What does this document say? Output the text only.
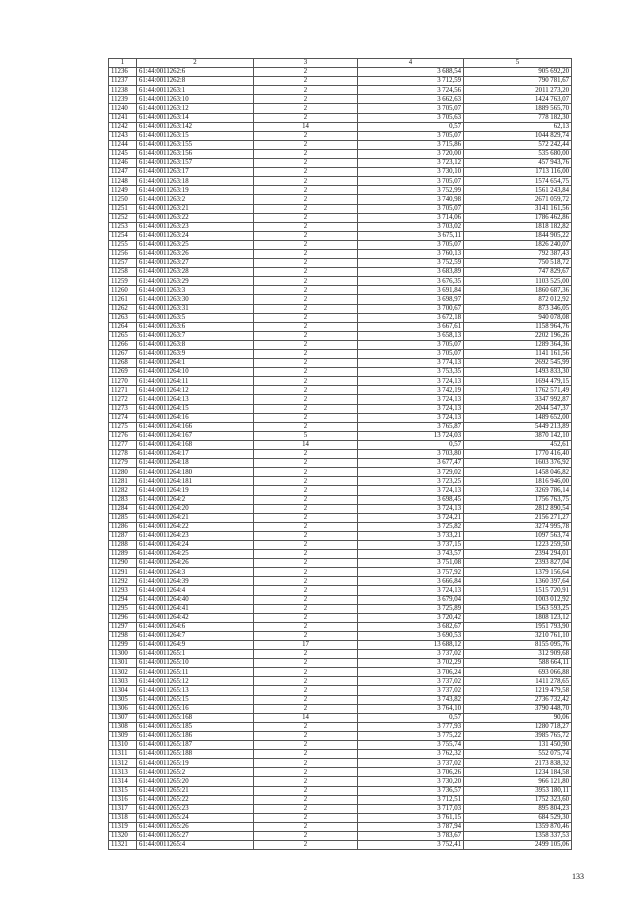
1	2	3	4	5
11236	61:44:0011262:6	2	3 688,54	905 692,20
11237	61:44:0011262:8	2	3 712,59	790 781,67
11238	61:44:0011263:1	2	3 724,56	2011 273,20
11239	61:44:0011263:10	2	3 662,63	1424 763,07
11240	61:44:0011263:12	2	3 705,07	1889 565,70
11241	61:44:0011263:14	2	3 705,63	778 182,30
11242	61:44:0011263:142	14	0,57	62,13
11243	61:44:0011263:15	2	3 705,07	1044 829,74
11244	61:44:0011263:155	2	3 715,86	572 242,44
11245	61:44:0011263:156	2	3 720,00	535 680,00
11246	61:44:0011263:157	2	3 723,12	457 943,76
11247	61:44:0011263:17	2	3 730,10	1713 116,00
11248	61:44:0011263:18	2	3 705,07	1574 654,75
11249	61:44:0011263:19	2	3 752,99	1561 243,84
11250	61:44:0011263:2	2	3 740,98	2671 059,72
11251	61:44:0011263:21	2	3 705,07	3141 161,56
11252	61:44:0011263:22	2	3 714,06	1786 462,86
11253	61:44:0011263:23	2	3 703,02	1818 182,82
11254	61:44:0011263:24	2	3 675,11	1844 905,22
11255	61:44:0011263:25	2	3 705,07	1826 240,07
11256	61:44:0011263:26	2	3 760,13	792 387,43
11257	61:44:0011263:27	2	3 752,59	750 518,72
11258	61:44:0011263:28	2	3 683,89	747 829,67
11259	61:44:0011263:29	2	3 676,35	1103 525,00
11260	61:44:0011263:3	2	3 691,84	1860 687,36
11261	61:44:0011263:30	2	3 698,97	872 012,92
11262	61:44:0011263:31	2	3 700,67	873 346,05
11263	61:44:0011263:5	2	3 672,18	940 078,08
11264	61:44:0011263:6	2	3 667,61	1158 964,76
11265	61:44:0011263:7	2	3 658,13	2202 196,26
11266	61:44:0011263:8	2	3 705,07	1289 364,36
11267	61:44:0011263:9	2	3 705,07	1141 161,56
11268	61:44:0011264:1	2	3 774,13	2692 545,99
11269	61:44:0011264:10	2	3 753,35	1493 833,30
11270	61:44:0011264:11	2	3 724,13	1694 479,15
11271	61:44:0011264:12	2	3 742,19	1762 571,49
11272	61:44:0011264:13	2	3 724,13	3347 992,87
11273	61:44:0011264:15	2	3 724,13	2044 547,37
11274	61:44:0011264:16	2	3 724,13	1489 652,00
11275	61:44:0011264:166	2	3 765,87	5449 213,89
11276	61:44:0011264:167	5	13 724,03	3870 142,10
11277	61:44:0011264:168	14	0,57	452,61
11278	61:44:0011264:17	2	3 703,80	1770 416,40
11279	61:44:0011264:18	2	3 677,47	1603 376,92
11280	61:44:0011264:180	2	3 729,02	1458 046,82
11281	61:44:0011264:181	2	3 723,25	1816 946,00
11282	61:44:0011264:19	2	3 724,13	3269 786,14
11283	61:44:0011264:2	2	3 698,45	1756 763,75
11284	61:44:0011264:20	2	3 724,13	2812 890,54
11285	61:44:0011264:21	2	3 724,21	2156 271,27
11286	61:44:0011264:22	2	3 725,82	3274 995,78
11287	61:44:0011264:23	2	3 733,21	1097 563,74
11288	61:44:0011264:24	2	3 737,15	1223 259,50
11289	61:44:0011264:25	2	3 743,57	2394 294,01
11290	61:44:0011264:26	2	3 751,08	2393 827,04
11291	61:44:0011264:3	2	3 757,92	1379 156,64
11292	61:44:0011264:39	2	3 666,84	1360 397,64
11293	61:44:0011264:4	2	3 724,13	1515 720,91
11294	61:44:0011264:40	2	3 679,04	1003 012,92
11295	61:44:0011264:41	2	3 725,89	1563 593,25
11296	61:44:0011264:42	2	3 720,42	1808 123,12
11297	61:44:0011264:6	2	3 682,67	1951 793,90
11298	61:44:0011264:7	2	3 690,53	3210 761,10
11299	61:44:0011264:9	17	13 688,12	8155 095,76
11300	61:44:0011265:1	2	3 737,02	312 909,68
11301	61:44:0011265:10	2	3 702,29	588 664,11
11302	61:44:0011265:11	2	3 706,24	693 066,88
11303	61:44:0011265:12	2	3 737,02	1411 278,65
11304	61:44:0011265:13	2	3 737,02	1219 479,58
11305	61:44:0011265:15	2	3 743,82	2736 732,42
11306	61:44:0011265:16	2	3 764,10	3790 448,70
11307	61:44:0011265:168	14	0,57	90,06
11308	61:44:0011265:185	2	3 777,93	1280 718,27
11309	61:44:0011265:186	2	3 775,22	3985 765,72
11310	61:44:0011265:187	2	3 755,74	131 450,90
11311	61:44:0011265:188	2	3 762,32	552 075,74
11312	61:44:0011265:19	2	3 737,02	2173 838,32
11313	61:44:0011265:2	2	3 706,26	1234 184,58
11314	61:44:0011265:20	2	3 730,20	966 121,80
11315	61:44:0011265:21	2	3 736,57	3953 180,11
11316	61:44:0011265:22	2	3 712,51	1752 323,60
11317	61:44:0011265:23	2	3 717,03	895 804,23
11318	61:44:0011265:24	2	3 761,15	684 529,30
11319	61:44:0011265:26	2	3 787,94	1359 870,46
11320	61:44:0011265:27	2	3 783,67	1358 337,53
11321	61:44:0011265:4	2	3 752,41	2499 105,06
133
